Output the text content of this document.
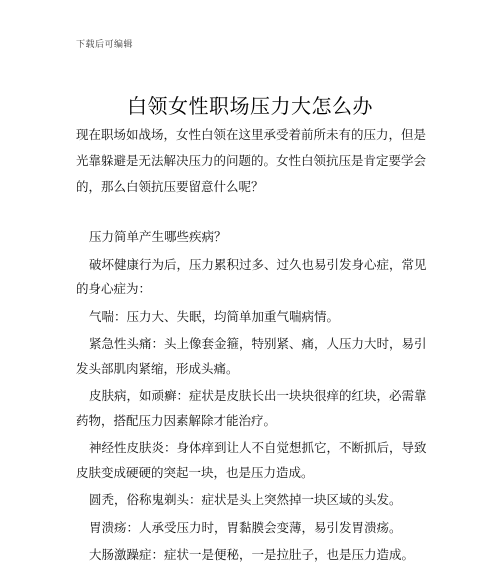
下载后可编辑
白领女性职场压力大怎么办
现在职场如战场，女性白领在这里承受着前所未有的压力，但是光靠躲避是无法解决压力的问题的。女性白领抗压是肯定要学会的，那么白领抗压要留意什么呢？

压力简单产生哪些疾病？

破坏健康行为后，压力累积过多、过久也易引发身心症，常见的身心症为：

气喘：压力大、失眠，均简单加重气喘病情。

紧急性头痛：头上像套金箍，特别紧、痛，人压力大时，易引发头部肌肉紧缩，形成头痛。

皮肤病，如顽癣：症状是皮肤长出一块块很痒的红块，必需靠药物，搭配压力因素解除才能治疗。

神经性皮肤炎：身体痒到让人不自觉想抓它，不断抓后，导致皮肤变成硬硬的突起一块，也是压力造成。

圆秃，俗称鬼剃头：症状是头上突然掉一块区域的头发。

胃溃疡：人承受压力时，胃黏膜会变薄，易引发胃溃疡。

大肠激躁症：症状一是便秘，一是拉肚子，也是压力造成。
